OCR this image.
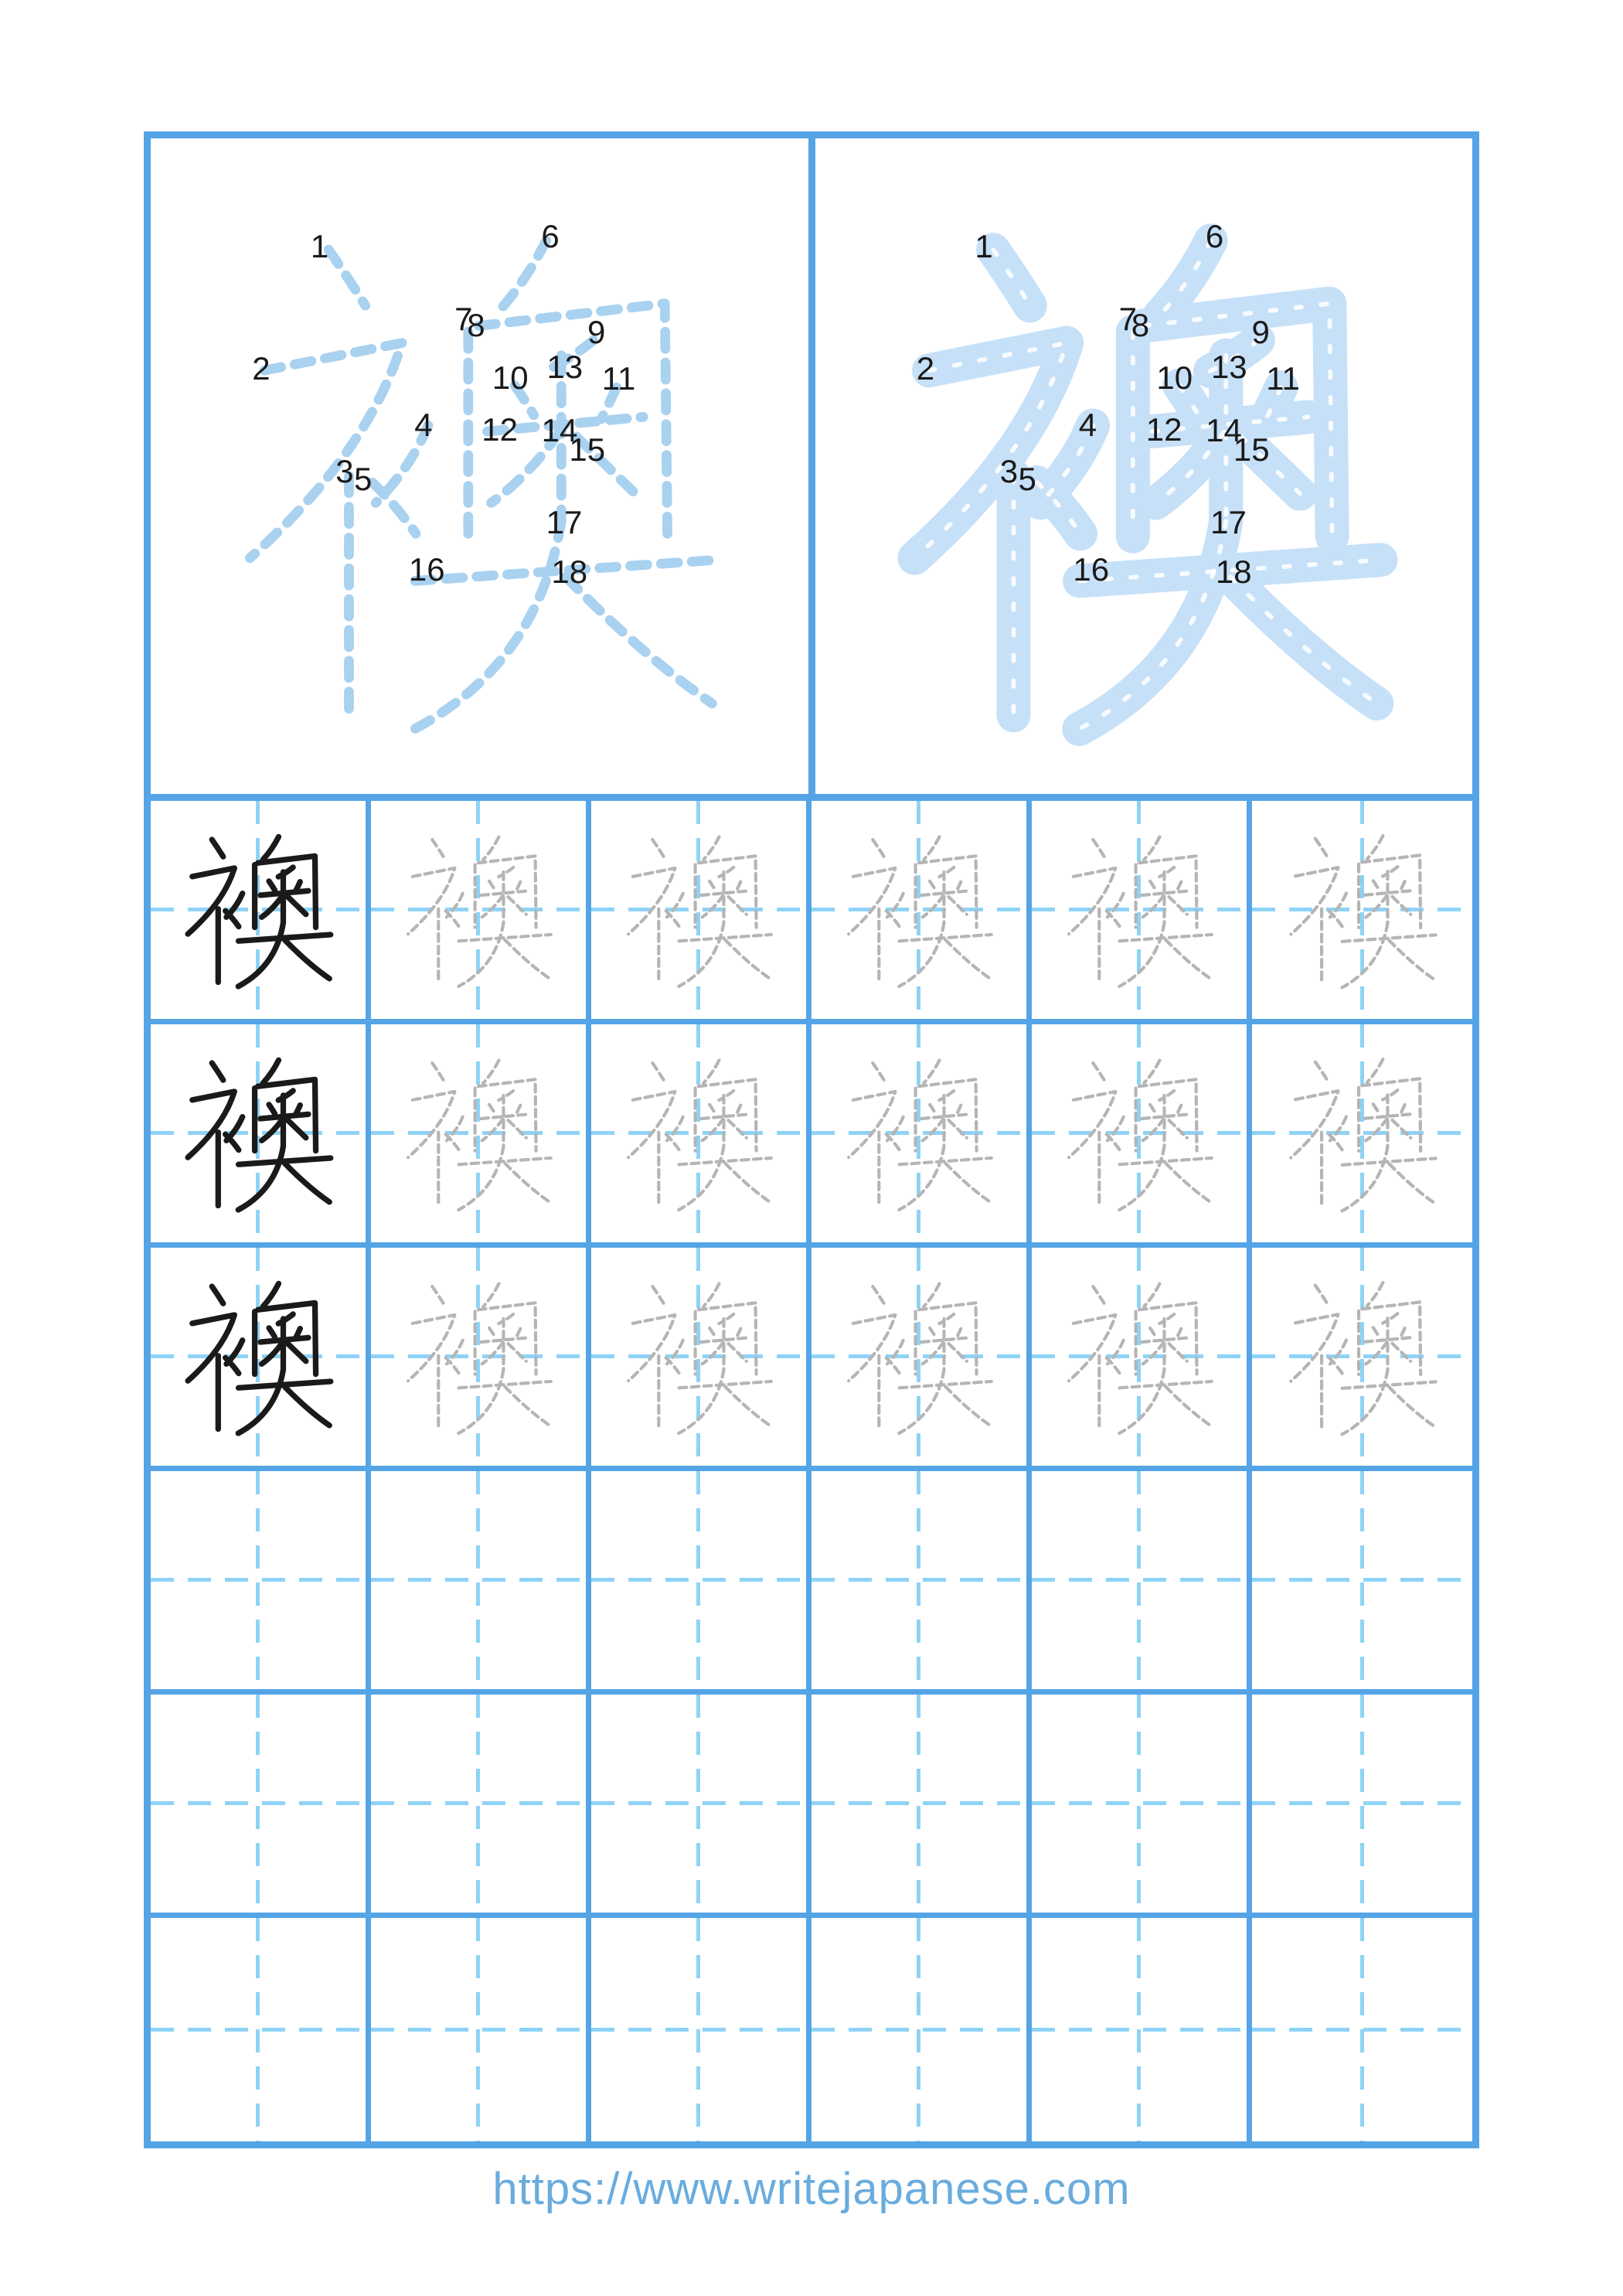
1
2
3
4
5
6
7
8	9
10 11
12
13
14
15
16
17
18
1
2
3
4
5
6
7
8	9
10 11
12
13
14
15
16
17
18
https://www.writejapanese.com
